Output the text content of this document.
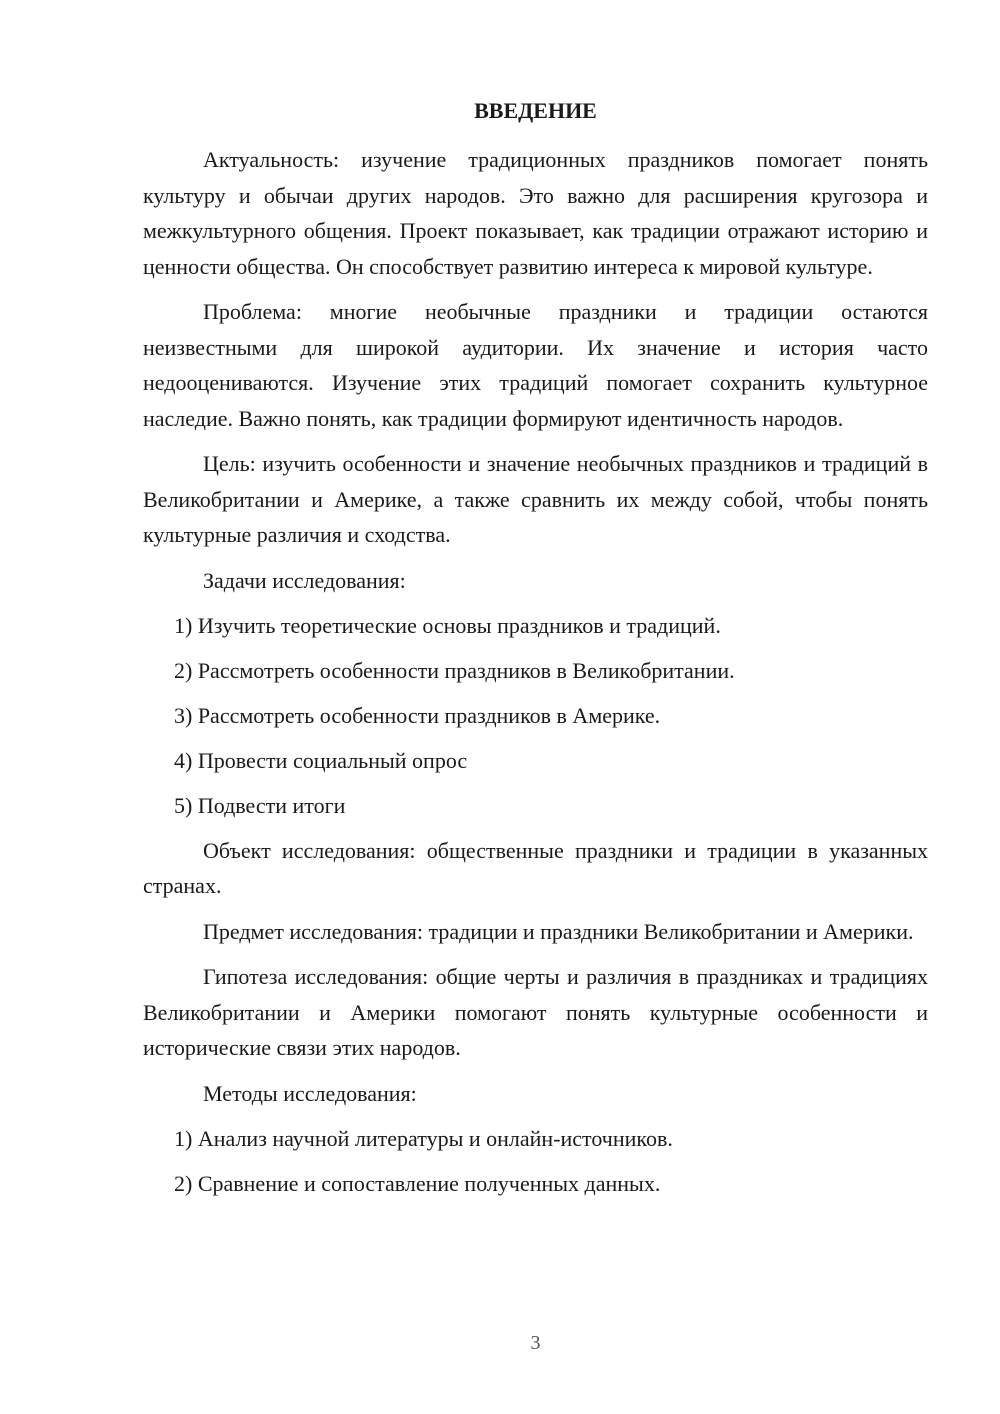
ВВЕДЕНИЕ

Актуальность: изучение традиционных праздников помогает понять культуру и обычаи других народов. Это важно для расширения кругозора и межкультурного общения. Проект показывает, как традиции отражают историю и ценности общества. Он способствует развитию интереса к мировой культуре.

Проблема: многие необычные праздники и традиции остаются неизвестными для широкой аудитории. Их значение и история часто недооцениваются. Изучение этих традиций помогает сохранить культурное наследие. Важно понять, как традиции формируют идентичность народов.

Цель: изучить особенности и значение необычных праздников и традиций в Великобритании и Америке, а также сравнить их между собой, чтобы понять культурные различия и сходства.

Задачи исследования:

1) Изучить теоретические основы праздников и традиций.
2) Рассмотреть особенности праздников в Великобритании.
3) Рассмотреть особенности праздников в Америке.
4) Провести социальный опрос
5) Подвести итоги

Объект исследования: общественные праздники и традиции в указанных странах.

Предмет исследования: традиции и праздники Великобритании и Америки.

Гипотеза исследования: общие черты и различия в праздниках и традициях Великобритании и Америки помогают понять культурные особенности и исторические связи этих народов.

Методы исследования:

1) Анализ научной литературы и онлайн-источников.
2) Сравнение и сопоставление полученных данных.
3
